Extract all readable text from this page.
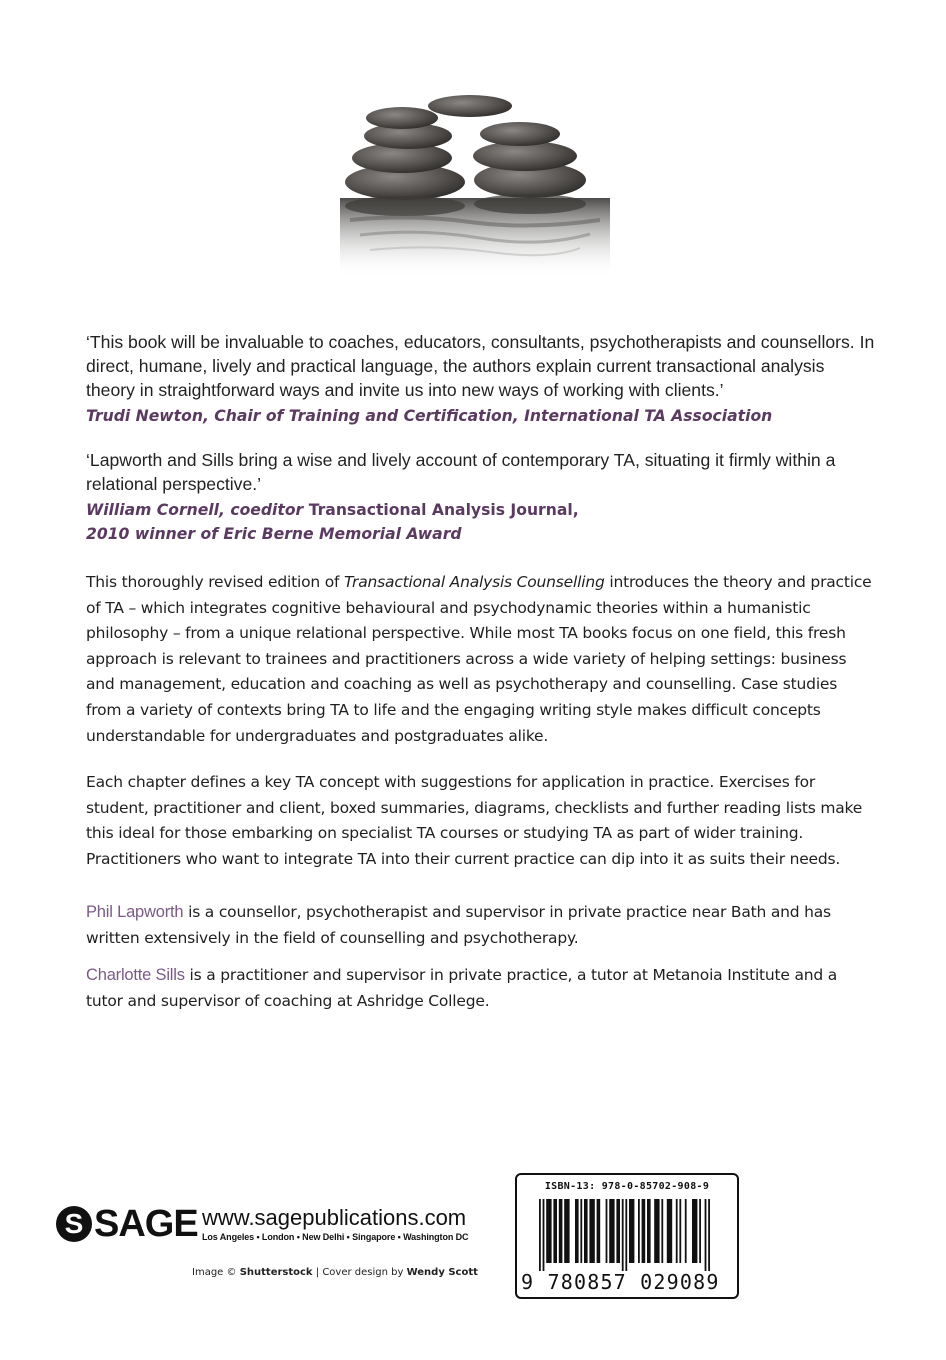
‘This book will be invaluable to coaches, educators, consultants, psychotherapists and counsellors. In direct, humane, lively and practical language, the authors explain current transactional analysis theory in straightforward ways and invite us into new ways of working with clients.’

Trudi Newton, Chair of Training and Certification, International TA Association

‘Lapworth and Sills bring a wise and lively account of contemporary TA, situating it firmly within a relational perspective.’

William Cornell, coeditor Transactional Analysis Journal,
2010 winner of Eric Berne Memorial Award

This thoroughly revised edition of Transactional Analysis Counselling introduces the theory and practice of TA – which integrates cognitive behavioural and psychodynamic theories within a humanistic philosophy – from a unique relational perspective. While most TA books focus on one field, this fresh approach is relevant to trainees and practitioners across a wide variety of helping settings: business and management, education and coaching as well as psychotherapy and counselling. Case studies from a variety of contexts bring TA to life and the engaging writing style makes difficult concepts understandable for undergraduates and postgraduates alike.

Each chapter defines a key TA concept with suggestions for application in practice. Exercises for student, practitioner and client, boxed summaries, diagrams, checklists and further reading lists make this ideal for those embarking on specialist TA courses or studying TA as part of wider training. Practitioners who want to integrate TA into their current practice can dip into it as suits their needs.

Phil Lapworth is a counsellor, psychotherapist and supervisor in private practice near Bath and has written extensively in the field of counselling and psychotherapy.

Charlotte Sills is a practitioner and supervisor in private practice, a tutor at Metanoia Institute and a tutor and supervisor of coaching at Ashridge College.

S SAGE www.sagepublications.com
Los Angeles • London • New Delhi • Singapore • Washington DC
Image © Shutterstock | Cover design by Wendy Scott
ISBN-13: 978-0-85702-908-9
9 780857 029089
